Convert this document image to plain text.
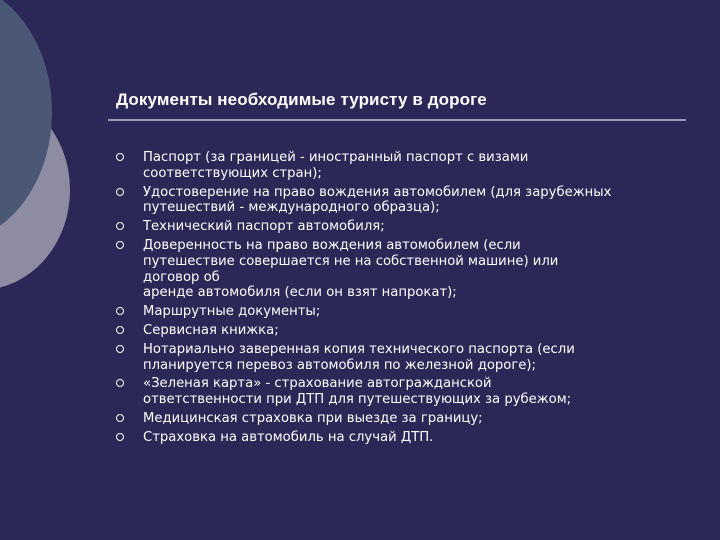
Документы необходимые туристу в дороге
Паспорт (за границей - иностранный паспорт с визами
соответствующих стран);
Удостоверение на право вождения автомобилем (для зарубежных
путешествий - международного образца);
Технический паспорт автомобиля;
Доверенность на право вождения автомобилем (если
путешествие совершается не на собственной машине) или
договор об
аренде автомобиля (если он взят напрокат);
Маршрутные документы;
Сервисная книжка;
Нотариально заверенная копия технического паспорта (если
планируется перевоз автомобиля по железной дороге);
«Зеленая карта» - страхование автогражданской
ответственности при ДТП для путешествующих за рубежом;
Медицинская страховка при выезде за границу;
Страховка на автомобиль на случай ДТП.
